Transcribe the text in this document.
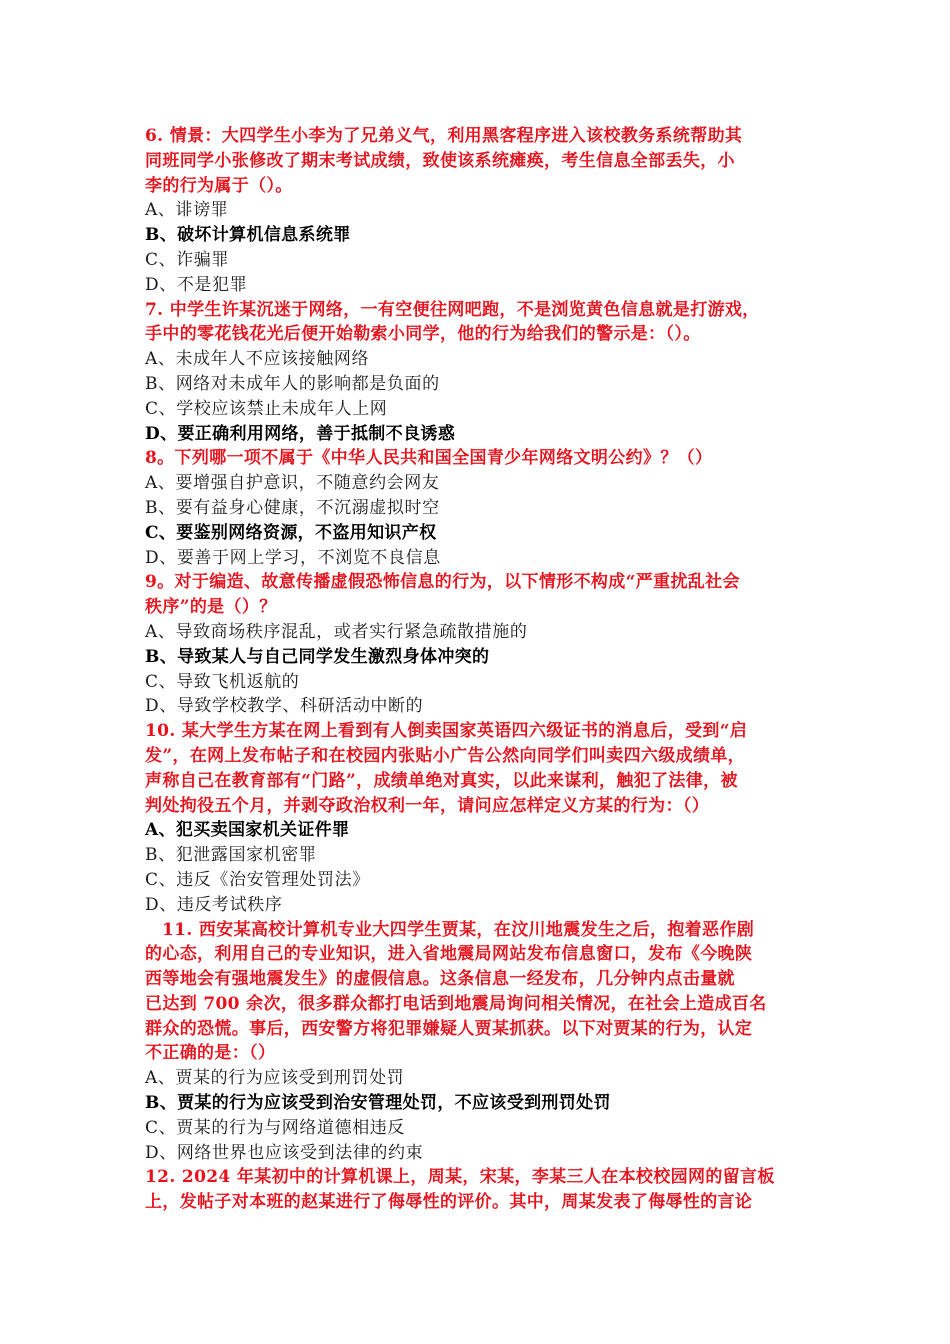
6. 情景：大四学生小李为了兄弟义气，利用黑客程序进入该校教务系统帮助其

同班同学小张修改了期末考试成绩，致使该系统瘫痪，考生信息全部丢失，小

李的行为属于（）。

A、诽谤罪

B、破坏计算机信息系统罪

C、诈骗罪

D、不是犯罪

7. 中学生许某沉迷于网络，一有空便往网吧跑，不是浏览黄色信息就是打游戏，

手中的零花钱花光后便开始勒索小同学，他的行为给我们的警示是：（）。

A、未成年人不应该接触网络

B、网络对未成年人的影响都是负面的

C、学校应该禁止未成年人上网

D、要正确利用网络，善于抵制不良诱惑

8。下列哪一项不属于《中华人民共和国全国青少年网络文明公约》？（）

A、要增强自护意识，不随意约会网友

B、要有益身心健康，不沉溺虚拟时空

C、要鉴别网络资源，不盗用知识产权

D、要善于网上学习，不浏览不良信息

9。对于编造、故意传播虚假恐怖信息的行为，以下情形不构成“严重扰乱社会

秩序”的是（）？

A、导致商场秩序混乱，或者实行紧急疏散措施的

B、导致某人与自己同学发生激烈身体冲突的

C、导致飞机返航的

D、导致学校教学、科研活动中断的

10. 某大学生方某在网上看到有人倒卖国家英语四六级证书的消息后，受到“启

发”，在网上发布帖子和在校园内张贴小广告公然向同学们叫卖四六级成绩单，

声称自己在教育部有“门路”，成绩单绝对真实，以此来谋利，触犯了法律，被

判处拘役五个月，并剥夺政治权利一年，请问应怎样定义方某的行为：（）

A、犯买卖国家机关证件罪

B、犯泄露国家机密罪

C、违反《治安管理处罚法》

D、违反考试秩序

11. 西安某高校计算机专业大四学生贾某，在汶川地震发生之后，抱着恶作剧

的心态，利用自己的专业知识，进入省地震局网站发布信息窗口，发布《今晚陕

西等地会有强地震发生》的虚假信息。这条信息一经发布，几分钟内点击量就

已达到 700 余次，很多群众都打电话到地震局询问相关情况，在社会上造成百名

群众的恐慌。事后，西安警方将犯罪嫌疑人贾某抓获。以下对贾某的行为，认定

不正确的是：（）

A、贾某的行为应该受到刑罚处罚

B、贾某的行为应该受到治安管理处罚，不应该受到刑罚处罚

C、贾某的行为与网络道德相违反

D、网络世界也应该受到法律的约束

12. 2024 年某初中的计算机课上，周某，宋某，李某三人在本校校园网的留言板

上，发帖子对本班的赵某进行了侮辱性的评价。其中，周某发表了侮辱性的言论
